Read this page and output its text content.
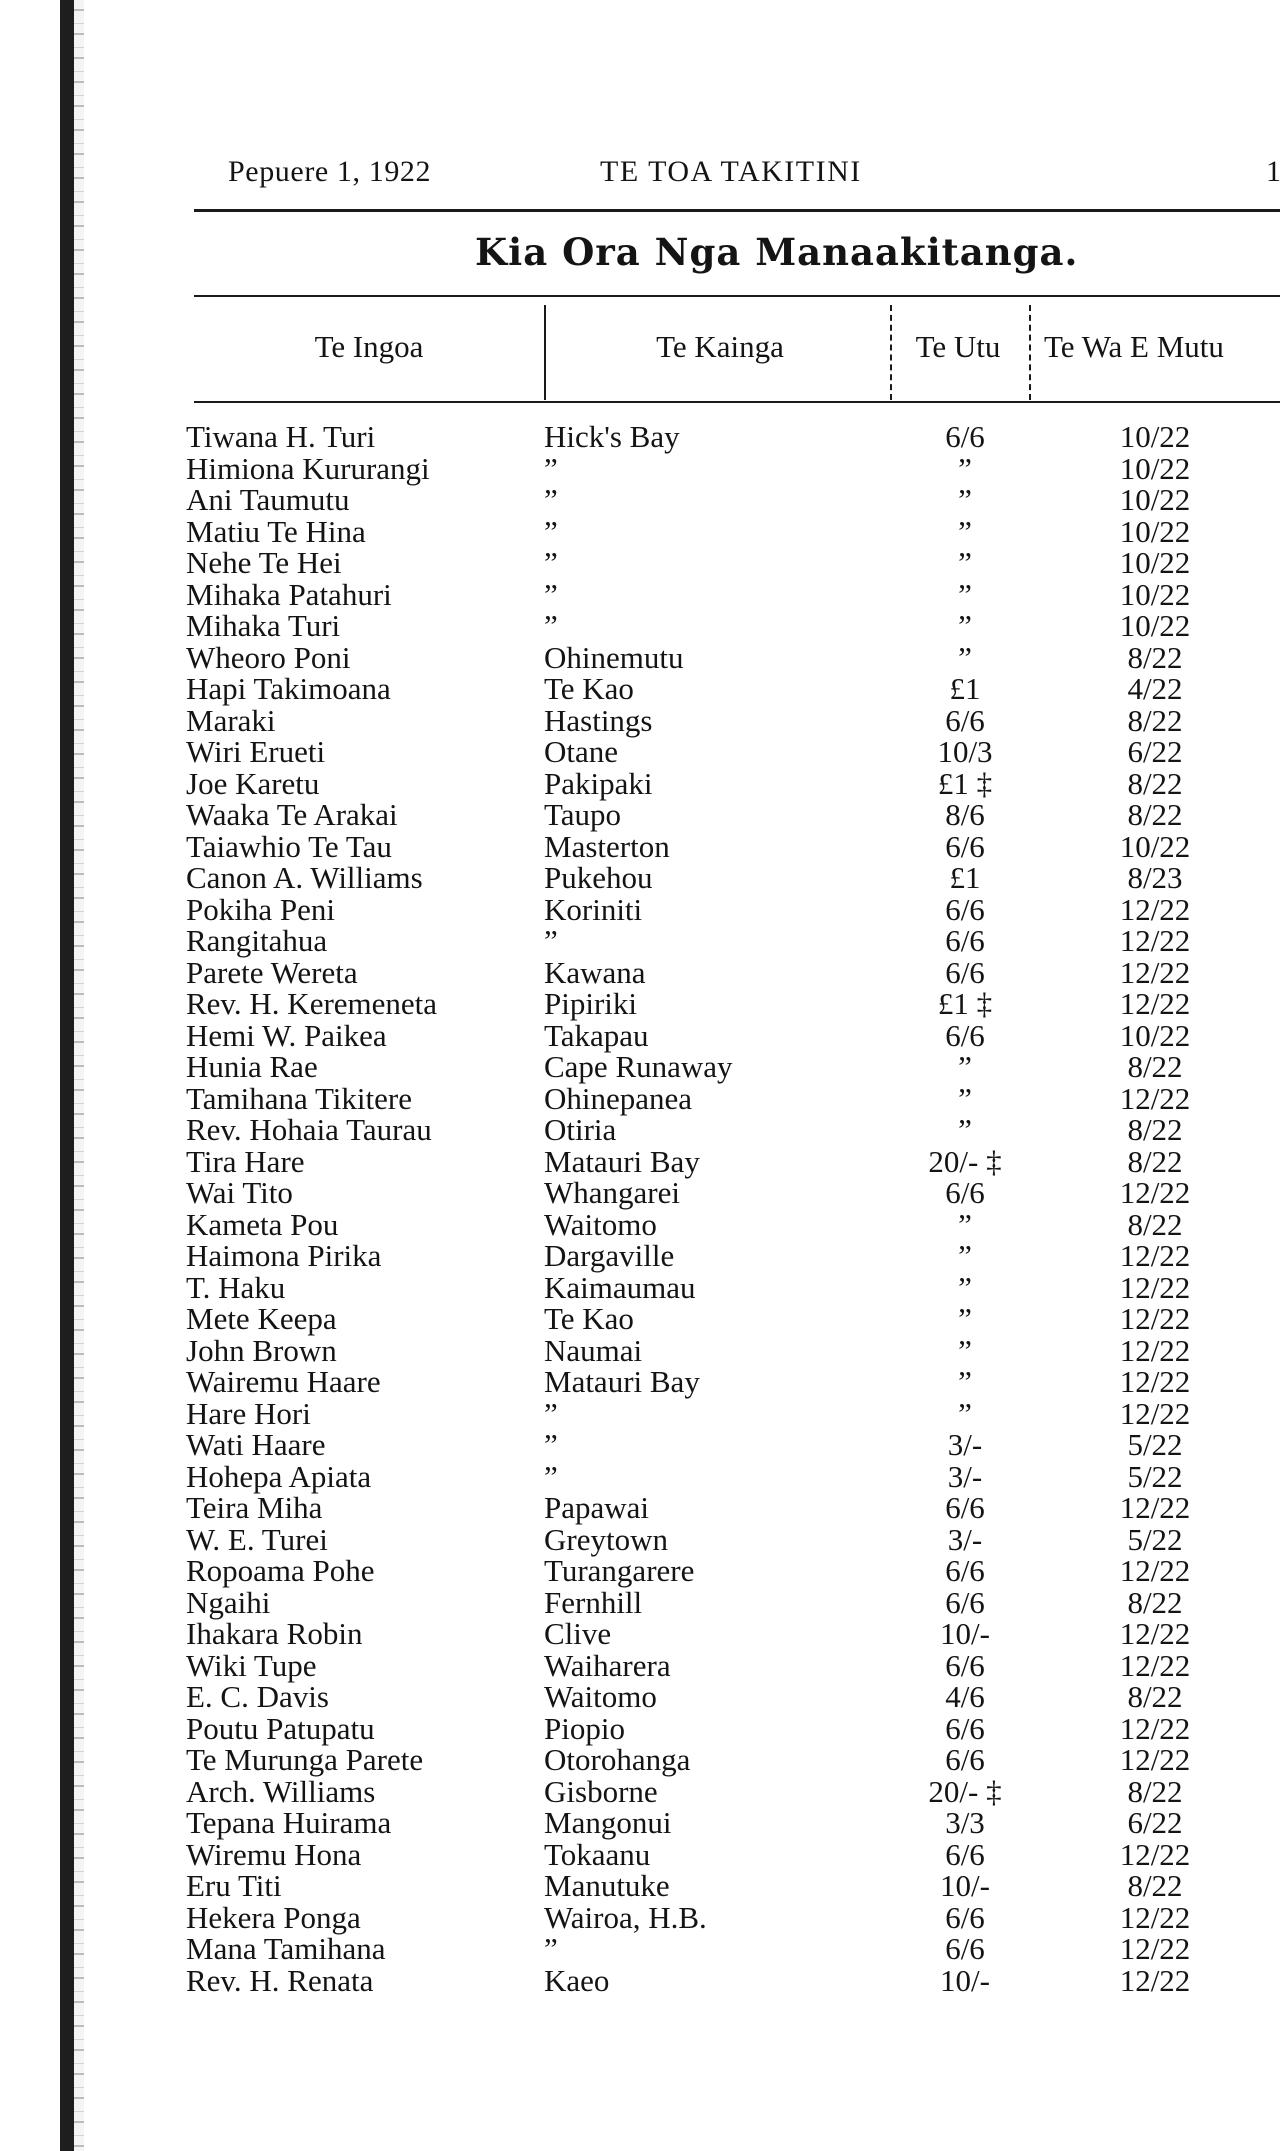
Pepuere 1, 1922	TE TOA TAKITINI	1
Kia Ora Nga Manaakitanga.
Te Ingoa	Te Kainga	Te Utu	Te Wa E Mutu
Tiwana H. Turi	Hick's Bay	6/6	10/22
Himiona Kururangi	”	”	10/22
Ani Taumutu	”	”	10/22
Matiu Te Hina	”	”	10/22
Nehe Te Hei	”	”	10/22
Mihaka Patahuri	”	”	10/22
Mihaka Turi	”	”	10/22
Wheoro Poni	Ohinemutu	”	8/22
Hapi Takimoana	Te Kao	£1	4/22
Maraki	Hastings	6/6	8/22
Wiri Erueti	Otane	10/3	6/22
Joe Karetu	Pakipaki	£1 ‡	8/22
Waaka Te Arakai	Taupo	8/6	8/22
Taiawhio Te Tau	Masterton	6/6	10/22
Canon A. Williams	Pukehou	£1	8/23
Pokiha Peni	Koriniti	6/6	12/22
Rangitahua	”	6/6	12/22
Parete Wereta	Kawana	6/6	12/22
Rev. H. Keremeneta	Pipiriki	£1 ‡	12/22
Hemi W. Paikea	Takapau	6/6	10/22
Hunia Rae	Cape Runaway	”	8/22
Tamihana Tikitere	Ohinepanea	”	12/22
Rev. Hohaia Taurau	Otiria	”	8/22
Tira Hare	Matauri Bay	20/- ‡	8/22
Wai Tito	Whangarei	6/6	12/22
Kameta Pou	Waitomo	”	8/22
Haimona Pirika	Dargaville	”	12/22
T. Haku	Kaimaumau	”	12/22
Mete Keepa	Te Kao	”	12/22
John Brown	Naumai	”	12/22
Wairemu Haare	Matauri Bay	”	12/22
Hare Hori	”	”	12/22
Wati Haare	”	3/-	5/22
Hohepa Apiata	”	3/-	5/22
Teira Miha	Papawai	6/6	12/22
W. E. Turei	Greytown	3/-	5/22
Ropoama Pohe	Turangarere	6/6	12/22
Ngaihi	Fernhill	6/6	8/22
Ihakara Robin	Clive	10/-	12/22
Wiki Tupe	Waiharera	6/6	12/22
E. C. Davis	Waitomo	4/6	8/22
Poutu Patupatu	Piopio	6/6	12/22
Te Murunga Parete	Otorohanga	6/6	12/22
Arch. Williams	Gisborne	20/- ‡	8/22
Tepana Huirama	Mangonui	3/3	6/22
Wiremu Hona	Tokaanu	6/6	12/22
Eru Titi	Manutuke	10/-	8/22
Hekera Ponga	Wairoa, H.B.	6/6	12/22
Mana Tamihana	”	6/6	12/22
Rev. H. Renata	Kaeo	10/-	12/22
